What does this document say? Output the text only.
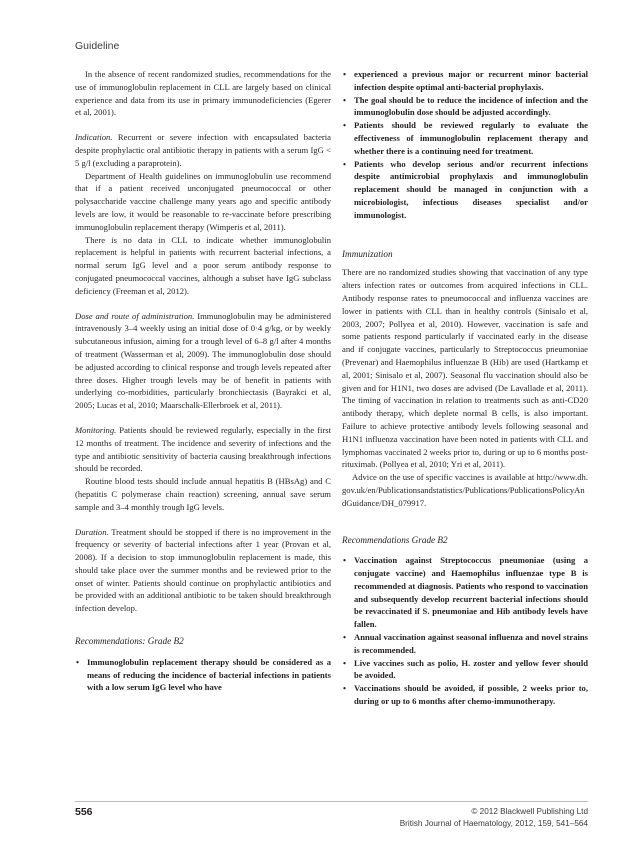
Guideline

In the absence of recent randomized studies, recommendations for the use of immunoglobulin replacement in CLL are largely based on clinical experience and data from its use in primary immunodeficiencies (Egerer et al, 2001).

Indication. Recurrent or severe infection with encapsulated bacteria despite prophylactic oral antibiotic therapy in patients with a serum IgG < 5 g/l (excluding a paraprotein).

Department of Health guidelines on immunoglobulin use recommend that if a patient received unconjugated pneumococcal or other polysaccharide vaccine challenge many years ago and specific antibody levels are low, it would be reasonable to re-vaccinate before prescribing immunoglobulin replacement therapy (Wimperis et al, 2011).

There is no data in CLL to indicate whether immunoglobulin replacement is helpful in patients with recurrent bacterial infections, a normal serum IgG level and a poor serum antibody response to conjugated pneumococcal vaccines, although a subset have IgG subclass deficiency (Freeman et al, 2012).

Dose and route of administration. Immunoglobulin may be administered intravenously 3–4 weekly using an initial dose of 0·4 g/kg, or by weekly subcutaneous infusion, aiming for a trough level of 6–8 g/l after 4 months of treatment (Wasserman et al, 2009). The immunoglobulin dose should be adjusted according to clinical response and trough levels repeated after three doses. Higher trough levels may be of benefit in patients with underlying co-morbidities, particularly bronchiectasis (Bayrakci et al, 2005; Lucas et al, 2010; Maarschalk-Ellerbroek et al, 2011).

Monitoring. Patients should be reviewed regularly, especially in the first 12 months of treatment. The incidence and severity of infections and the type and antibiotic sensitivity of bacteria causing breakthrough infections should be recorded.

Routine blood tests should include annual hepatitis B (HBsAg) and C (hepatitis C polymerase chain reaction) screening, annual save serum sample and 3–4 monthly trough IgG levels.

Duration. Treatment should be stopped if there is no improvement in the frequency or severity of bacterial infections after 1 year (Provan et al, 2008). If a decision to stop immunoglobulin replacement is made, this should take place over the summer months and be reviewed prior to the onset of winter. Patients should continue on prophylactic antibiotics and be provided with an additional antibiotic to be taken should breakthrough infection develop.

Recommendations: Grade B2

• Immunoglobulin replacement therapy should be considered as a means of reducing the incidence of bacterial infections in patients with a low serum IgG level who have
• experienced a previous major or recurrent minor bacterial infection despite optimal anti-bacterial prophylaxis.
• The goal should be to reduce the incidence of infection and the immunoglobulin dose should be adjusted accordingly.
• Patients should be reviewed regularly to evaluate the effectiveness of immunoglobulin replacement therapy and whether there is a continuing need for treatment.
• Patients who develop serious and/or recurrent infections despite antimicrobial prophylaxis and immunoglobulin replacement should be managed in conjunction with a microbiologist, infectious diseases specialist and/or immunologist.

Immunization

There are no randomized studies showing that vaccination of any type alters infection rates or outcomes from acquired infections in CLL. Antibody response rates to pneumococcal and influenza vaccines are lower in patients with CLL than in healthy controls (Sinisalo et al, 2003, 2007; Pollyea et al, 2010). However, vaccination is safe and some patients respond particularly if vaccinated early in the disease and if conjugate vaccines, particularly to Streptococcus pneumoniae (Prevenar) and Haemophilus influenzae B (Hib) are used (Hartkamp et al, 2001; Sinisalo et al, 2007). Seasonal flu vaccination should also be given and for H1N1, two doses are advised (De Lavallade et al, 2011). The timing of vaccination in relation to treatments such as anti-CD20 antibody therapy, which deplete normal B cells, is also important. Failure to achieve protective antibody levels following seasonal and H1N1 influenza vaccination have been noted in patients with CLL and lymphomas vaccinated 2 weeks prior to, during or up to 6 months post-rituximab. (Pollyea et al, 2010; Yri et al, 2011).

Advice on the use of specific vaccines is available at http://www.dh.gov.uk/en/Publicationsandstatistics/Publications/PublicationsPolicyAndGuidance/DH_079917.

Recommendations Grade B2

• Vaccination against Streptococcus pneumoniae (using a conjugate vaccine) and Haemophilus influenzae type B is recommended at diagnosis. Patients who respond to vaccination and subsequently develop recurrent bacterial infections should be revaccinated if S. pneumoniae and Hib antibody levels have fallen.
• Annual vaccination against seasonal influenza and novel strains is recommended.
• Live vaccines such as polio, H. zoster and yellow fever should be avoided.
• Vaccinations should be avoided, if possible, 2 weeks prior to, during or up to 6 months after chemo-immunotherapy.
556	© 2012 Blackwell Publishing Ltd
British Journal of Haematology, 2012, 159, 541–564
